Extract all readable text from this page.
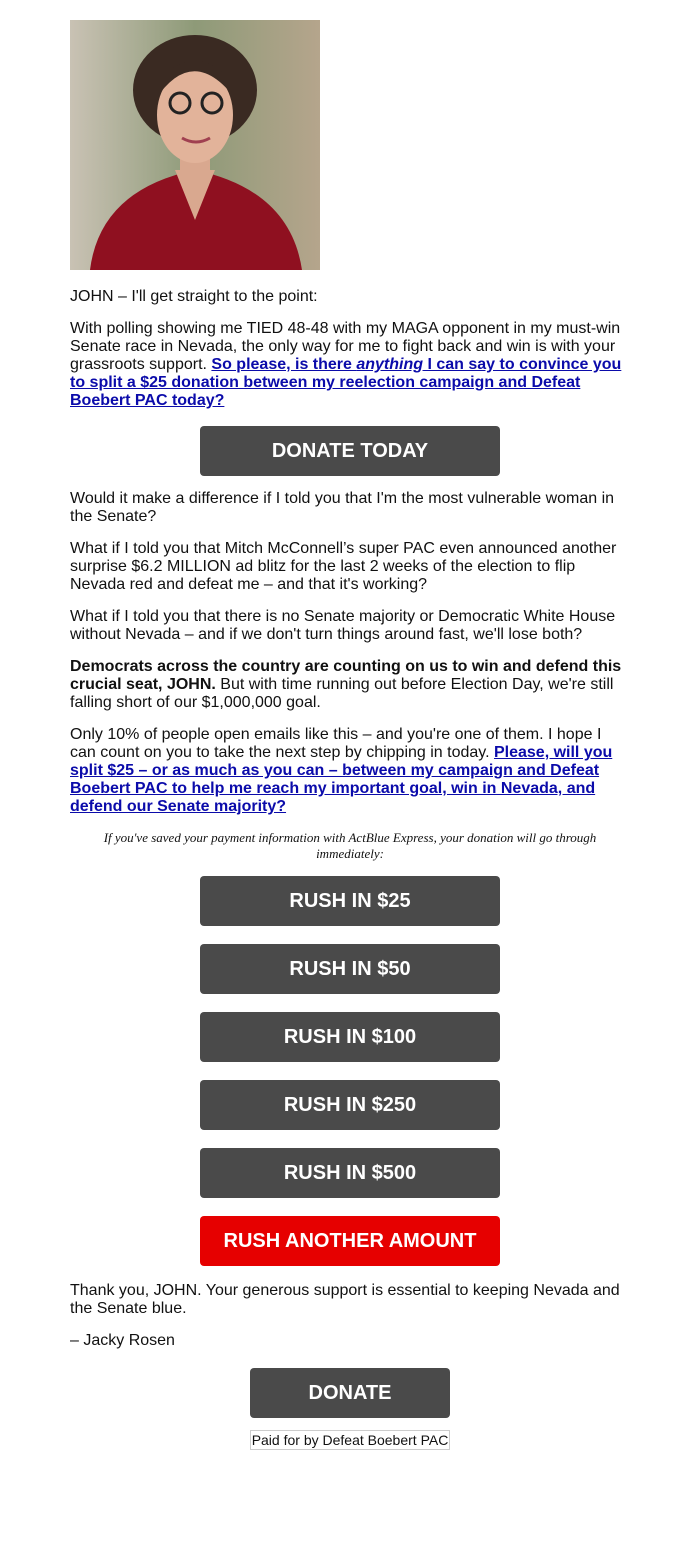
JOHN – I'll get straight to the point:

With polling showing me TIED 48-48 with my MAGA opponent in my must-win Senate race in Nevada, the only way for me to fight back and win is with your grassroots support. So please, is there anything I can say to convince you to split a $25 donation between my reelection campaign and Defeat Boebert PAC today?

DONATE TODAY

Would it make a difference if I told you that I'm the most vulnerable woman in the Senate?

What if I told you that Mitch McConnell’s super PAC even announced another surprise $6.2 MILLION ad blitz for the last 2 weeks of the election to flip Nevada red and defeat me – and that it's working?

What if I told you that there is no Senate majority or Democratic White House without Nevada – and if we don't turn things around fast, we'll lose both?

Democrats across the country are counting on us to win and defend this crucial seat, JOHN. But with time running out before Election Day, we're still falling short of our $1,000,000 goal.

Only 10% of people open emails like this – and you're one of them. I hope I can count on you to take the next step by chipping in today. Please, will you split $25 – or as much as you can – between my campaign and Defeat Boebert PAC to help me reach my important goal, win in Nevada, and defend our Senate majority?

If you've saved your payment information with ActBlue Express, your donation will go through immediately:
RUSH IN $25
RUSH IN $50
RUSH IN $100
RUSH IN $250
RUSH IN $500
RUSH ANOTHER AMOUNT

Thank you, JOHN. Your generous support is essential to keeping Nevada and the Senate blue.

– Jacky Rosen

DONATE
Paid for by Defeat Boebert PAC
